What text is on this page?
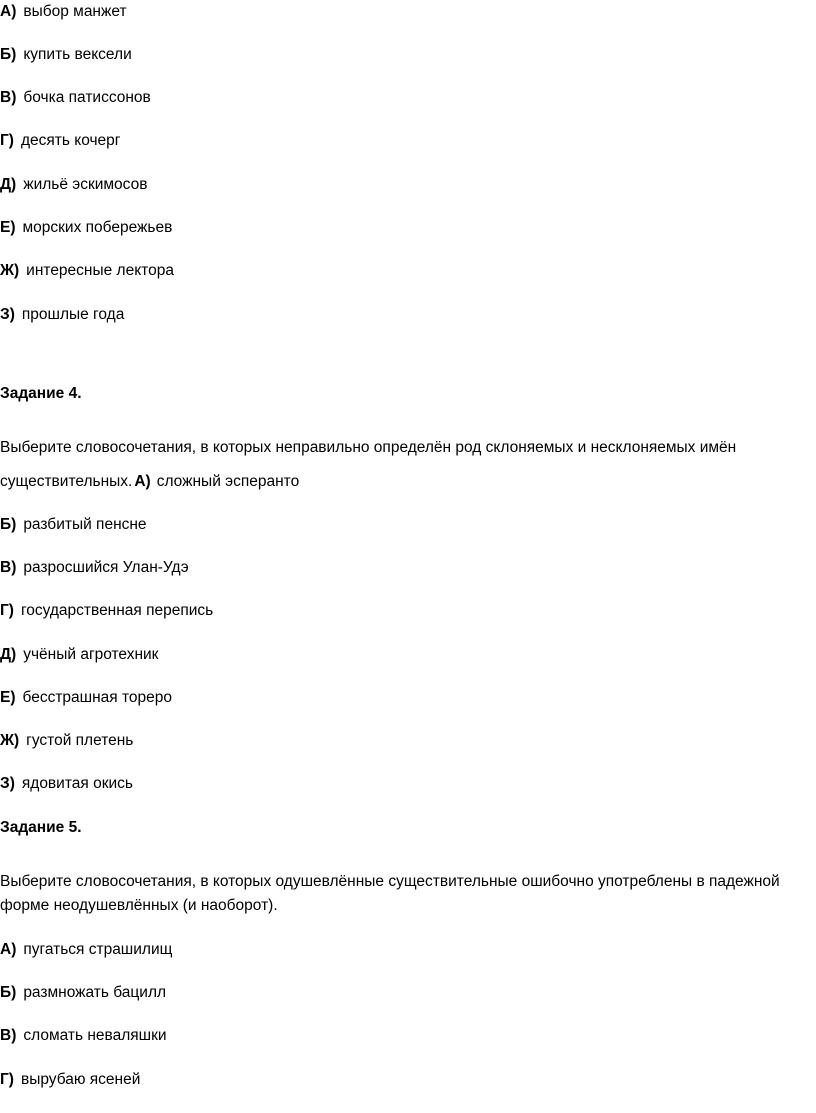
А) выбор манжет
Б) купить вексели
В) бочка патиссонов
Г) десять кочерг
Д) жильё эскимосов
Е) морских побережьев
Ж) интересные лектора
З) прошлые года
Задание 4.
Выберите словосочетания, в которых неправильно определён род склоняемых и несклоняемых имён
существительных. А) сложный эсперанто
Б) разбитый пенсне
В) разросшийся Улан-Удэ
Г) государственная перепись
Д) учёный агротехник
Е) бесстрашная тореро
Ж) густой плетень
З) ядовитая окись
Задание 5.
Выберите словосочетания, в которых одушевлённые существительные ошибочно употреблены в падежной
форме неодушевлённых (и наоборот).
А) пугаться страшилищ
Б) размножать бацилл
В) сломать неваляшки
Г) вырубаю ясеней
